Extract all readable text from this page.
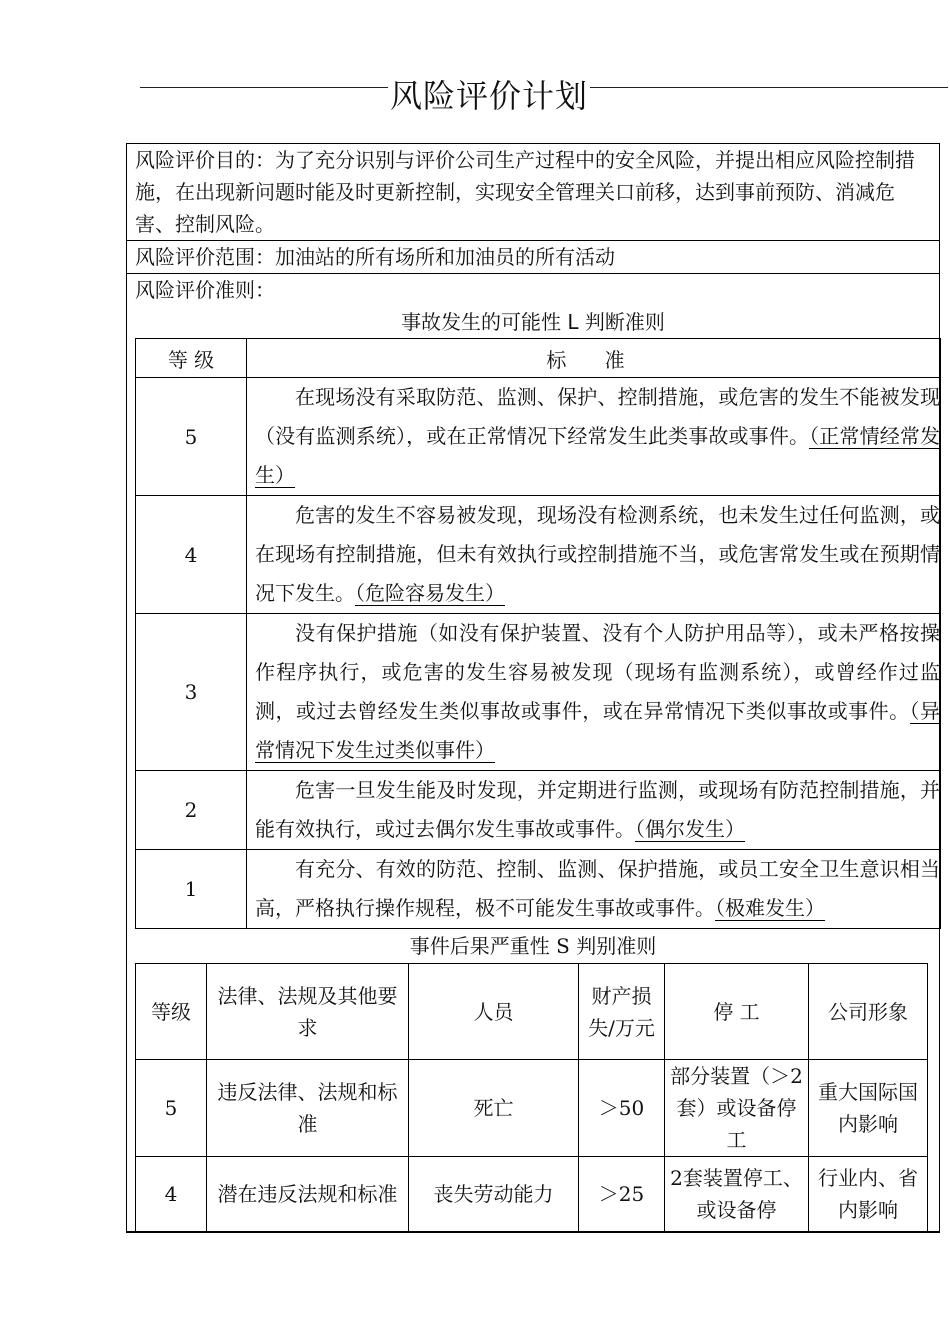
风险评价计划
风险评价目的：为了充分识别与评价公司生产过程中的安全风险，并提出相应风险控制措施，在出现新问题时能及时更新控制，实现安全管理关口前移，达到事前预防、消减危害、控制风险。
风险评价范围：加油站的所有场所和加油员的所有活动
风险评价准则：
事故发生的可能性 L 判断准则
等 级	标 准
5	在现场没有采取防范、监测、保护、控制措施，或危害的发生不能被发现（没有监测系统），或在正常情况下经常发生此类事故或事件。（正常情经常发生）
4	危害的发生不容易被发现，现场没有检测系统，也未发生过任何监测，或在现场有控制措施，但未有效执行或控制措施不当，或危害常发生或在预期情况下发生。（危险容易发生）
3	没有保护措施（如没有保护装置、没有个人防护用品等），或未严格按操作程序执行，或危害的发生容易被发现（现场有监测系统），或曾经作过监测，或过去曾经发生类似事故或事件，或在异常情况下类似事故或事件。（异常情况下发生过类似事件）
2	危害一旦发生能及时发现，并定期进行监测，或现场有防范控制措施，并能有效执行，或过去偶尔发生事故或事件。（偶尔发生）
1	有充分、有效的防范、控制、监测、保护措施，或员工安全卫生意识相当高，严格执行操作规程，极不可能发生事故或事件。（极难发生）
事件后果严重性 S 判别准则
等级	法律、法规及其他要求	人员	财产损失/万元	停 工	公司形象
5	违反法律、法规和标准	死亡	＞50	部分装置（＞2套）或设备停工	重大国际国内影响
4	潜在违反法规和标准	丧失劳动能力	＞25	2套装置停工、或设备停	行业内、省内影响
